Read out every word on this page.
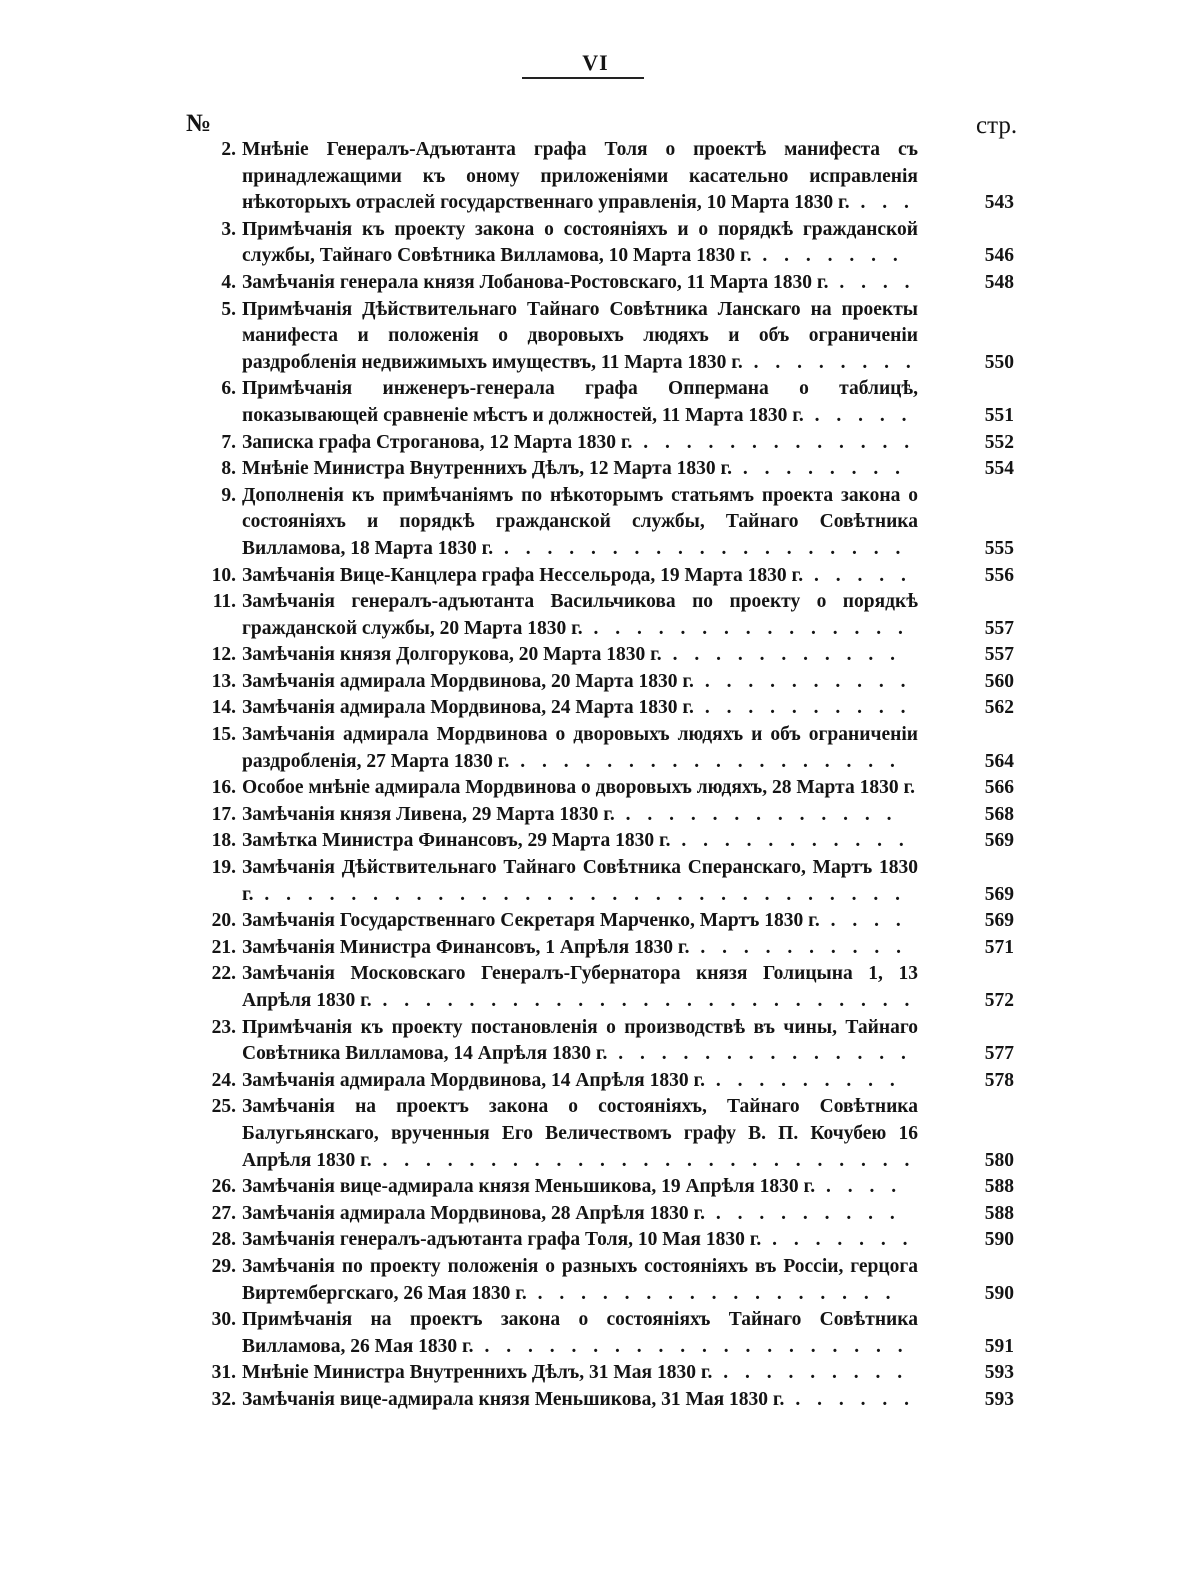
VI
№	стр.
2. Мнѣніе Генералъ-Адъютанта графа Толя о проектѣ манифеста съ принадлежащими къ оному приложеніями касательно исправленія нѣкоторыхъ отраслей государственнаго управленія, 10 Марта 1830 г. . . .	543
3. Примѣчанія къ проекту закона о состояніяхъ и о порядкѣ гражданской службы, Тайнаго Совѣтника Вилламова, 10 Марта 1830 г. . . . . . . .	546
4. Замѣчанія генерала князя Лобанова-Ростовскаго, 11 Марта 1830 г. . . . .	548
5. Примѣчанія Дѣйствительнаго Тайнаго Совѣтника Ланскаго на проекты манифеста и положенія о дворовыхъ людяхъ и объ ограниченіи раздробленія недвижимыхъ имуществъ, 11 Марта 1830 г. . . . . . . . .	550
6. Примѣчанія инженеръ-генерала графа Оппермана о таблицѣ, показывающей сравненіе мѣстъ и должностей, 11 Марта 1830 г. . . . . .	551
7. Записка графа Строганова, 12 Марта 1830 г. . . . . . . . . . . . . .	552
8. Мнѣніе Министра Внутреннихъ Дѣлъ, 12 Марта 1830 г. . . . . . . . .	554
9. Дополненія къ примѣчаніямъ по нѣкоторымъ статьямъ проекта закона о состояніяхъ и порядкѣ гражданской службы, Тайнаго Совѣтника Вилламова, 18 Марта 1830 г. . . . . . . . . . . . . . . . . . . .	555
10. Замѣчанія Вице-Канцлера графа Нессельрода, 19 Марта 1830 г. . . . . .	556
11. Замѣчанія генералъ-адъютанта Васильчикова по проекту о порядкѣ гражданской службы, 20 Марта 1830 г. . . . . . . . . . . . . . . .	557
12. Замѣчанія князя Долгорукова, 20 Марта 1830 г. . . . . . . . . . . .	557
13. Замѣчанія адмирала Мордвинова, 20 Марта 1830 г. . . . . . . . . . .	560
14. Замѣчанія адмирала Мордвинова, 24 Марта 1830 г. . . . . . . . . . .	562
15. Замѣчанія адмирала Мордвинова о дворовыхъ людяхъ и объ ограниченіи раздробленія, 27 Марта 1830 г. . . . . . . . . . . . . . . . . . .	564
16. Особое мнѣніе адмирала Мордвинова о дворовыхъ людяхъ, 28 Марта 1830 г.	566
17. Замѣчанія князя Ливена, 29 Марта 1830 г. . . . . . . . . . . . . .	568
18. Замѣтка Министра Финансовъ, 29 Марта 1830 г. . . . . . . . . . . .	569
19. Замѣчанія Дѣйствительнаго Тайнаго Совѣтника Сперанскаго, Мартъ 1830 г. . . . . . . . . . . . . . . . . . . . . . . . . . . . . . .	569
20. Замѣчанія Государственнаго Секретаря Марченко, Мартъ 1830 г. . . . .	569
21. Замѣчанія Министра Финансовъ, 1 Апрѣля 1830 г. . . . . . . . . . .	571
22. Замѣчанія Московскаго Генералъ-Губернатора князя Голицына 1, 13 Апрѣля 1830 г. . . . . . . . . . . . . . . . . . . . . . . . . .	572
23. Примѣчанія къ проекту постановленія о производствѣ въ чины, Тайнаго Совѣтника Вилламова, 14 Апрѣля 1830 г. . . . . . . . . . . . . . .	577
24. Замѣчанія адмирала Мордвинова, 14 Апрѣля 1830 г. . . . . . . . . .	578
25. Замѣчанія на проектъ закона о состояніяхъ, Тайнаго Совѣтника Балугьянскаго, врученныя Его Величествомъ графу В. П. Кочубею 16 Апрѣля 1830 г. . . . . . . . . . . . . . . . . . . . . . . . . .	580
26. Замѣчанія вице-адмирала князя Меньшикова, 19 Апрѣля 1830 г. . . . .	588
27. Замѣчанія адмирала Мордвинова, 28 Апрѣля 1830 г. . . . . . . . . .	588
28. Замѣчанія генералъ-адъютанта графа Толя, 10 Мая 1830 г. . . . . . . .	590
29. Замѣчанія по проекту положенія о разныхъ состояніяхъ въ Россіи, герцога Виртембергскаго, 26 Мая 1830 г. . . . . . . . . . . . . . . . . .	590
30. Примѣчанія на проектъ закона о состояніяхъ Тайнаго Совѣтника Вилламова, 26 Мая 1830 г. . . . . . . . . . . . . . . . . . . . .	591
31. Мнѣніе Министра Внутреннихъ Дѣлъ, 31 Мая 1830 г. . . . . . . . . .	593
32. Замѣчанія вице-адмирала князя Меньшикова, 31 Мая 1830 г. . . . . . .	593
